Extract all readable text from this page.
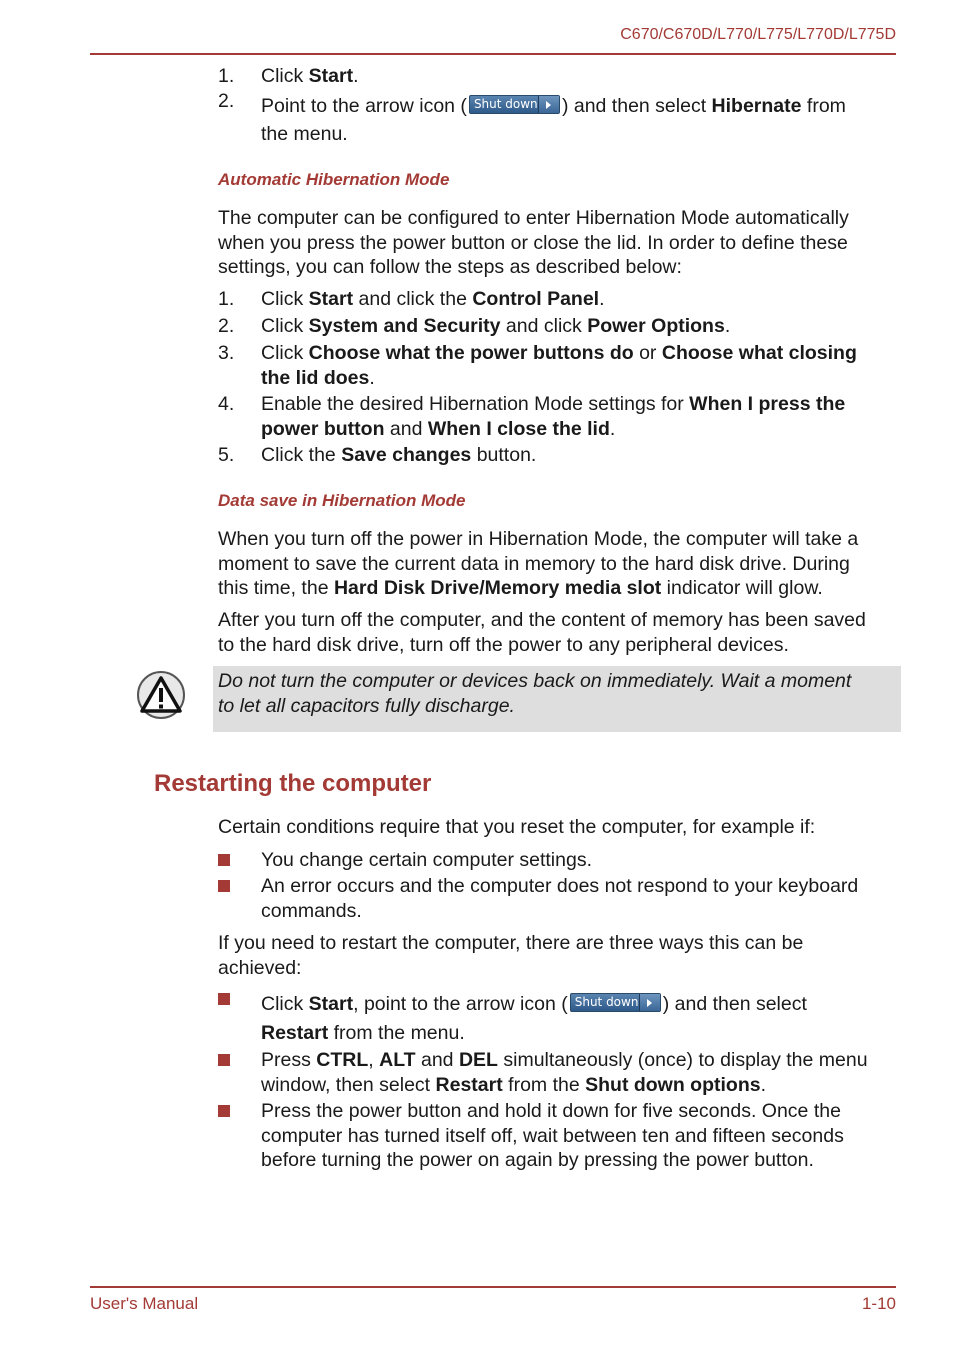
C670/C670D/L770/L775/L770D/L775D
User's Manual	1-10
1. Click Start.
2. Point to the arrow icon ( Shut down ) and then select Hibernate from
the menu.
Automatic Hibernation Mode
The computer can be configured to enter Hibernation Mode automatically
when you press the power button or close the lid. In order to define these
settings, you can follow the steps as described below:
1. Click Start and click the Control Panel.
2. Click System and Security and click Power Options.
3. Click Choose what the power buttons do or Choose what closing
the lid does.
4. Enable the desired Hibernation Mode settings for When I press the
power button and When I close the lid.
5. Click the Save changes button.
Data save in Hibernation Mode
When you turn off the power in Hibernation Mode, the computer will take a
moment to save the current data in memory to the hard disk drive. During
this time, the Hard Disk Drive/Memory media slot indicator will glow.
After you turn off the computer, and the content of memory has been saved
to the hard disk drive, turn off the power to any peripheral devices.
Do not turn the computer or devices back on immediately. Wait a moment
to let all capacitors fully discharge.
Restarting the computer
Certain conditions require that you reset the computer, for example if:
You change certain computer settings.
An error occurs and the computer does not respond to your keyboard
commands.
If you need to restart the computer, there are three ways this can be
achieved:
Click Start, point to the arrow icon ( Shut down ) and then select
Restart from the menu.
Press CTRL, ALT and DEL simultaneously (once) to display the menu
window, then select Restart from the Shut down options.
Press the power button and hold it down for five seconds. Once the
computer has turned itself off, wait between ten and fifteen seconds
before turning the power on again by pressing the power button.
